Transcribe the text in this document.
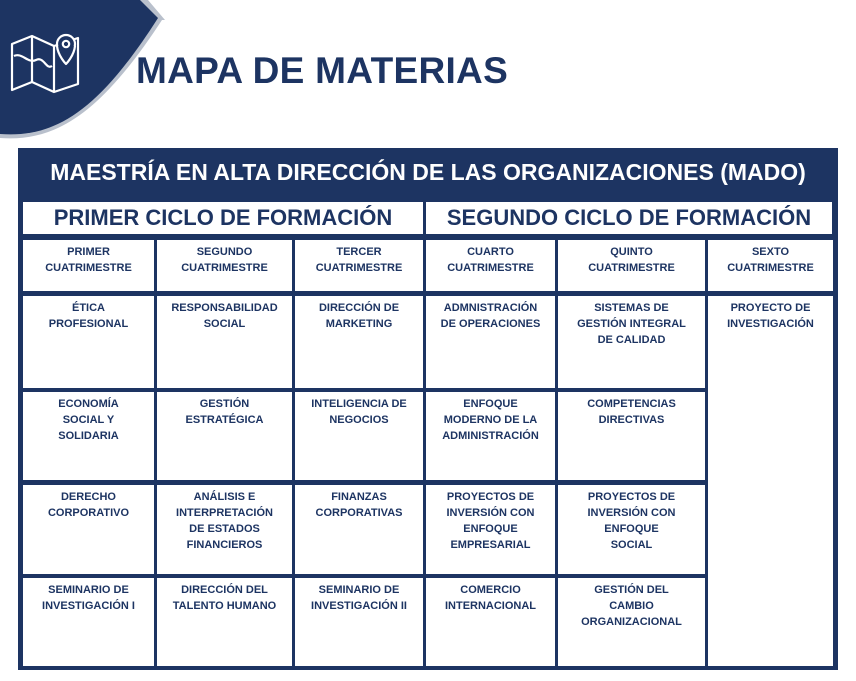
MAPA DE MATERIAS
MAESTRÍA EN ALTA DIRECCIÓN DE LAS ORGANIZACIONES (MADO)
PRIMER CICLO DE FORMACIÓN	SEGUNDO CICLO DE FORMACIÓN
PRIMER
CUATRIMESTRE
ÉTICA
PROFESIONAL
ECONOMÍA
SOCIAL Y
SOLIDARIA
DERECHO
CORPORATIVO
SEMINARIO DE
INVESTIGACIÓN I
SEGUNDO
CUATRIMESTRE
RESPONSABILIDAD
SOCIAL
GESTIÓN
ESTRATÉGICA
ANÁLISIS E
INTERPRETACIÓN
DE ESTADOS
FINANCIEROS
DIRECCIÓN DEL
TALENTO HUMANO
TERCER
CUATRIMESTRE
DIRECCIÓN DE
MARKETING
INTELIGENCIA DE
NEGOCIOS
FINANZAS
CORPORATIVAS
SEMINARIO DE
INVESTIGACIÓN II
CUARTO
CUATRIMESTRE
ADMNISTRACIÓN
DE OPERACIONES
ENFOQUE
MODERNO DE LA
ADMINISTRACIÓN
PROYECTOS DE
INVERSIÓN CON
ENFOQUE
EMPRESARIAL
COMERCIO
INTERNACIONAL
QUINTO
CUATRIMESTRE
SISTEMAS DE
GESTIÓN INTEGRAL
DE CALIDAD
COMPETENCIAS
DIRECTIVAS
PROYECTOS DE
INVERSIÓN CON
ENFOQUE
SOCIAL
GESTIÓN DEL
CAMBIO
ORGANIZACIONAL
SEXTO
CUATRIMESTRE
PROYECTO DE
INVESTIGACIÓN
